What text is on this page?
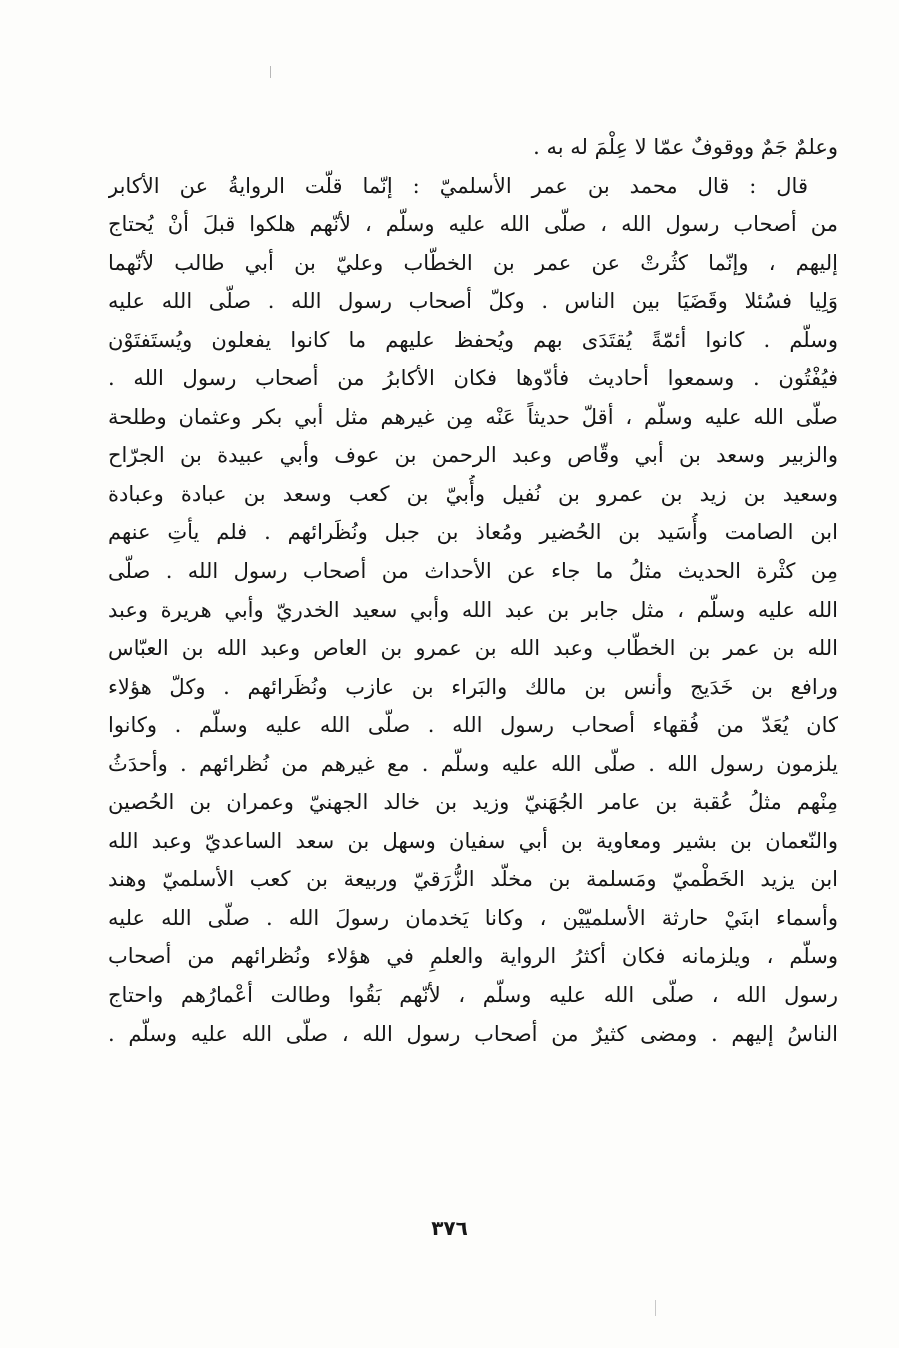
وعلمٌ جَمٌ ووقوفٌ عمّا لا عِلْمَ له به .
قال : قال محمد بن عمر الأسلميّ : إنّما قلّت الروايةُ عن الأكابر
من أصحاب رسول الله ، صلّى الله عليه وسلّم ، لأنّهم هلكوا قبلَ أنْ يُحتاج
إليهم ، وإنّما كثُرتْ عن عمر بن الخطّاب وعليّ بن أبي طالب لأنّهما
وَلِيا فسُئلا وقَضَيَا بين الناس . وكلّ أصحاب رسول الله . صلّى الله عليه
وسلّم . كانوا أئمّةً يُقتَدَى بهم ويُحفظ عليهم ما كانوا يفعلون ويُستَفتَوْن
فيُفْتُون . وسمعوا أحاديث فأدّوها فكان الأكابرُ من أصحاب رسول الله .
صلّى الله عليه وسلّم ، أقلّ حديثاً عَنْه مِن غيرهم مثل أبي بكر وعثمان وطلحة
والزبير وسعد بن أبي وقّاص وعبد الرحمن بن عوف وأبي عبيدة بن الجرّاح
وسعيد بن زيد بن عمرو بن نُفيل وأُبيّ بن كعب وسعد بن عبادة وعبادة
ابن الصامت وأُسَيد بن الحُضير ومُعاذ بن جبل ونُظَرائهم . فلم يأتِ عنهم
مِن كثْرة الحديث مثلُ ما جاء عن الأحداث من أصحاب رسول الله . صلّى
الله عليه وسلّم ، مثل جابر بن عبد الله وأبي سعيد الخدريّ وأبي هريرة وعبد
الله بن عمر بن الخطّاب وعبد الله بن عمرو بن العاص وعبد الله بن العبّاس
ورافع بن خَدَيج وأنس بن مالك والبَراء بن عازب ونُظَرائهم . وكلّ هؤلاء
كان يُعَدّ من فُقهاء أصحاب رسول الله . صلّى الله عليه وسلّم . وكانوا
يلزمون رسول الله . صلّى الله عليه وسلّم . مع غيرهم من نُظرائهم . وأحدَثُ
مِنْهم مثلُ عُقبة بن عامر الجُهَنيّ وزيد بن خالد الجهنيّ وعمران بن الحُصين
والنّعمان بن بشير ومعاوية بن أبي سفيان وسهل بن سعد الساعديّ وعبد الله
ابن يزيد الخَطْميّ ومَسلمة بن مخلّد الزُّرَقيّ وربيعة بن كعب الأسلميّ وهند
وأسماء ابنَيْ حارثة الأسلميّيْن ، وكانا يَخدمان رسولَ الله . صلّى الله عليه
وسلّم ، ويلزمانه فكان أكثرُ الرواية والعلمِ في هؤلاء ونُظرائهم من أصحاب
رسول الله ، صلّى الله عليه وسلّم ، لأنّهم بَقُوا وطالت أعْمارُهم واحتاج
الناسُ إليهم . ومضى كثيرٌ من أصحاب رسول الله ، صلّى الله عليه وسلّم .
٣٧٦
